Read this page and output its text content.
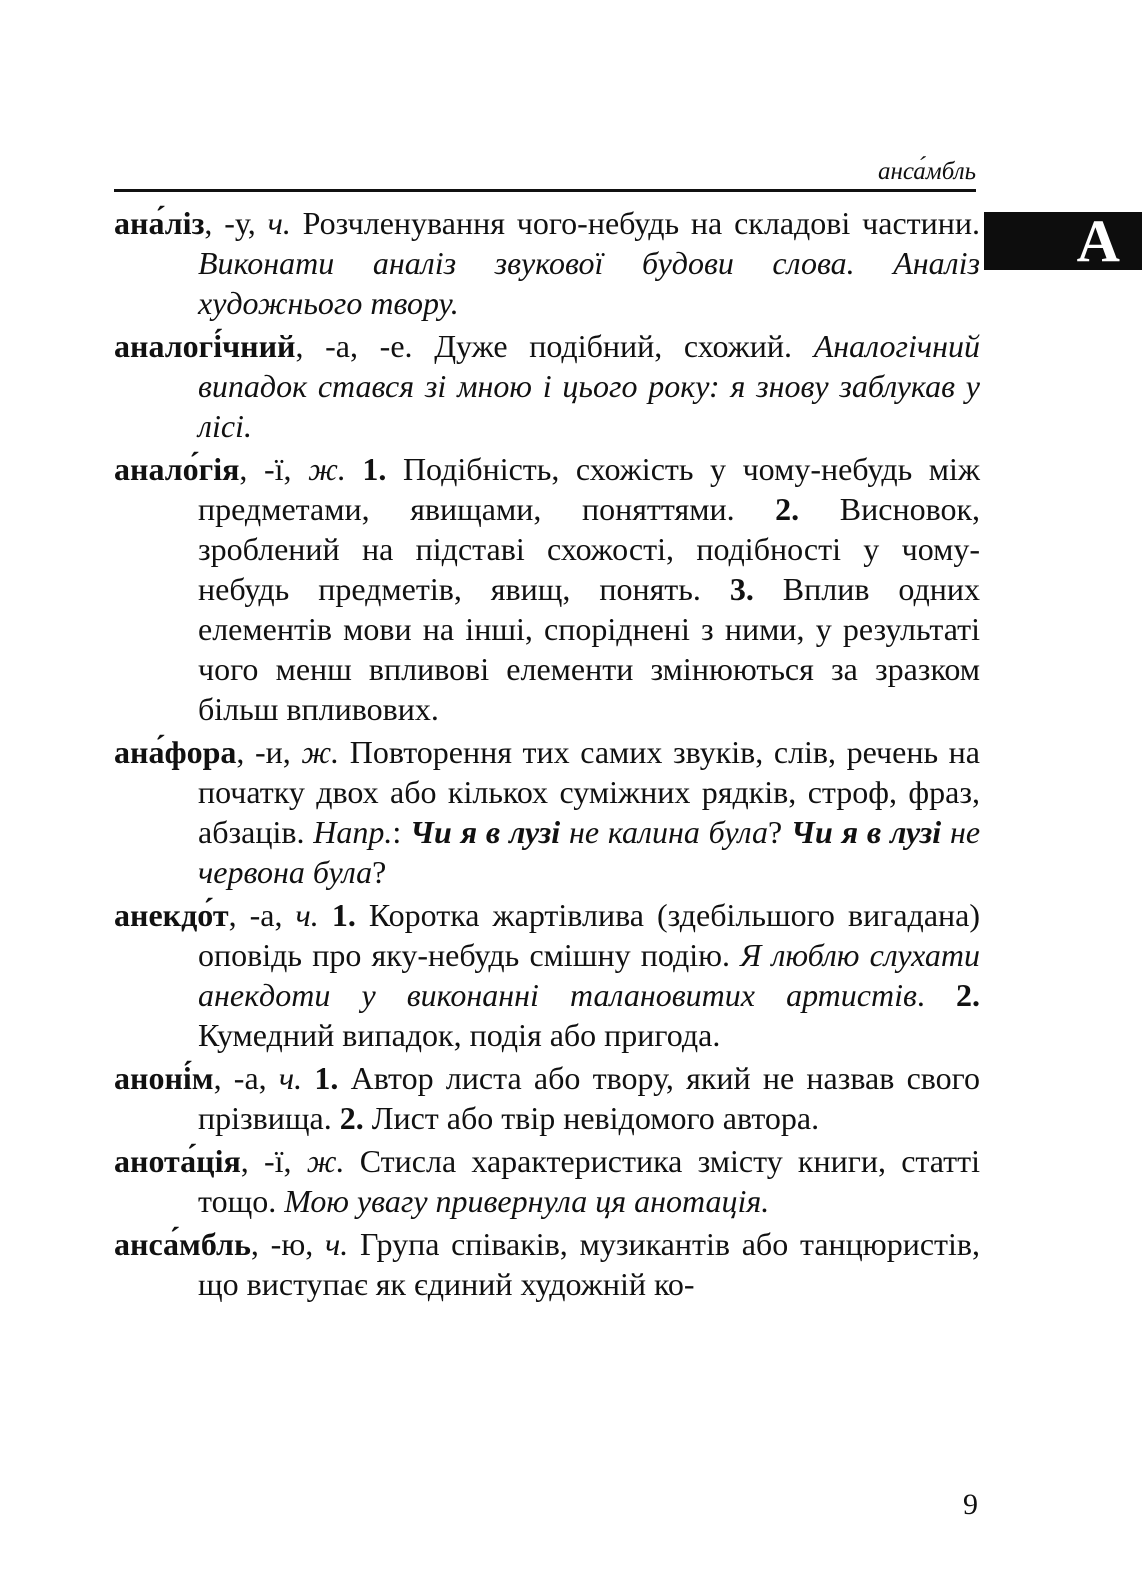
анса́мбль
А

ана́ліз, -у, ч. Розчленування чого-небудь на складові частини. Виконати аналіз звукової будови слова. Аналіз художнього твору.

аналогі́чний, -а, -е. Дуже подібний, схожий. Аналогічний випадок стався зі мною і цього року: я знову заблукав у лісі.

анало́гія, -ї, ж. 1. Подібність, схожість у чому-небудь між предметами, явищами, поняттями. 2. Висновок, зроблений на підставі схожості, подібності у чому-небудь предметів, явищ, понять. 3. Вплив одних елементів мови на інші, споріднені з ними, у результаті чого менш впливові елементи змінюються за зразком більш впливових.

ана́фора, -и, ж. Повторення тих самих звуків, слів, речень на початку двох або кількох суміжних рядків, строф, фраз, абзаців. Напр.: Чи я в лузі не калина була? Чи я в лузі не червона була?

анекдо́т, -а, ч. 1. Коротка жартівлива (здебільшого вигадана) оповідь про яку-небудь смішну подію. Я люблю слухати анекдоти у виконанні талановитих артистів. 2. Кумедний випадок, подія або пригода.

аноні́м, -а, ч. 1. Автор листа або твору, який не назвав свого прізвища. 2. Лист або твір невідомого автора.

анота́ція, -ї, ж. Стисла характеристика змісту книги, статті тощо. Мою увагу привернула ця анотація.

анса́мбль, -ю, ч. Група співаків, музикантів або танцюристів, що виступає як єдиний художній ко-

9
